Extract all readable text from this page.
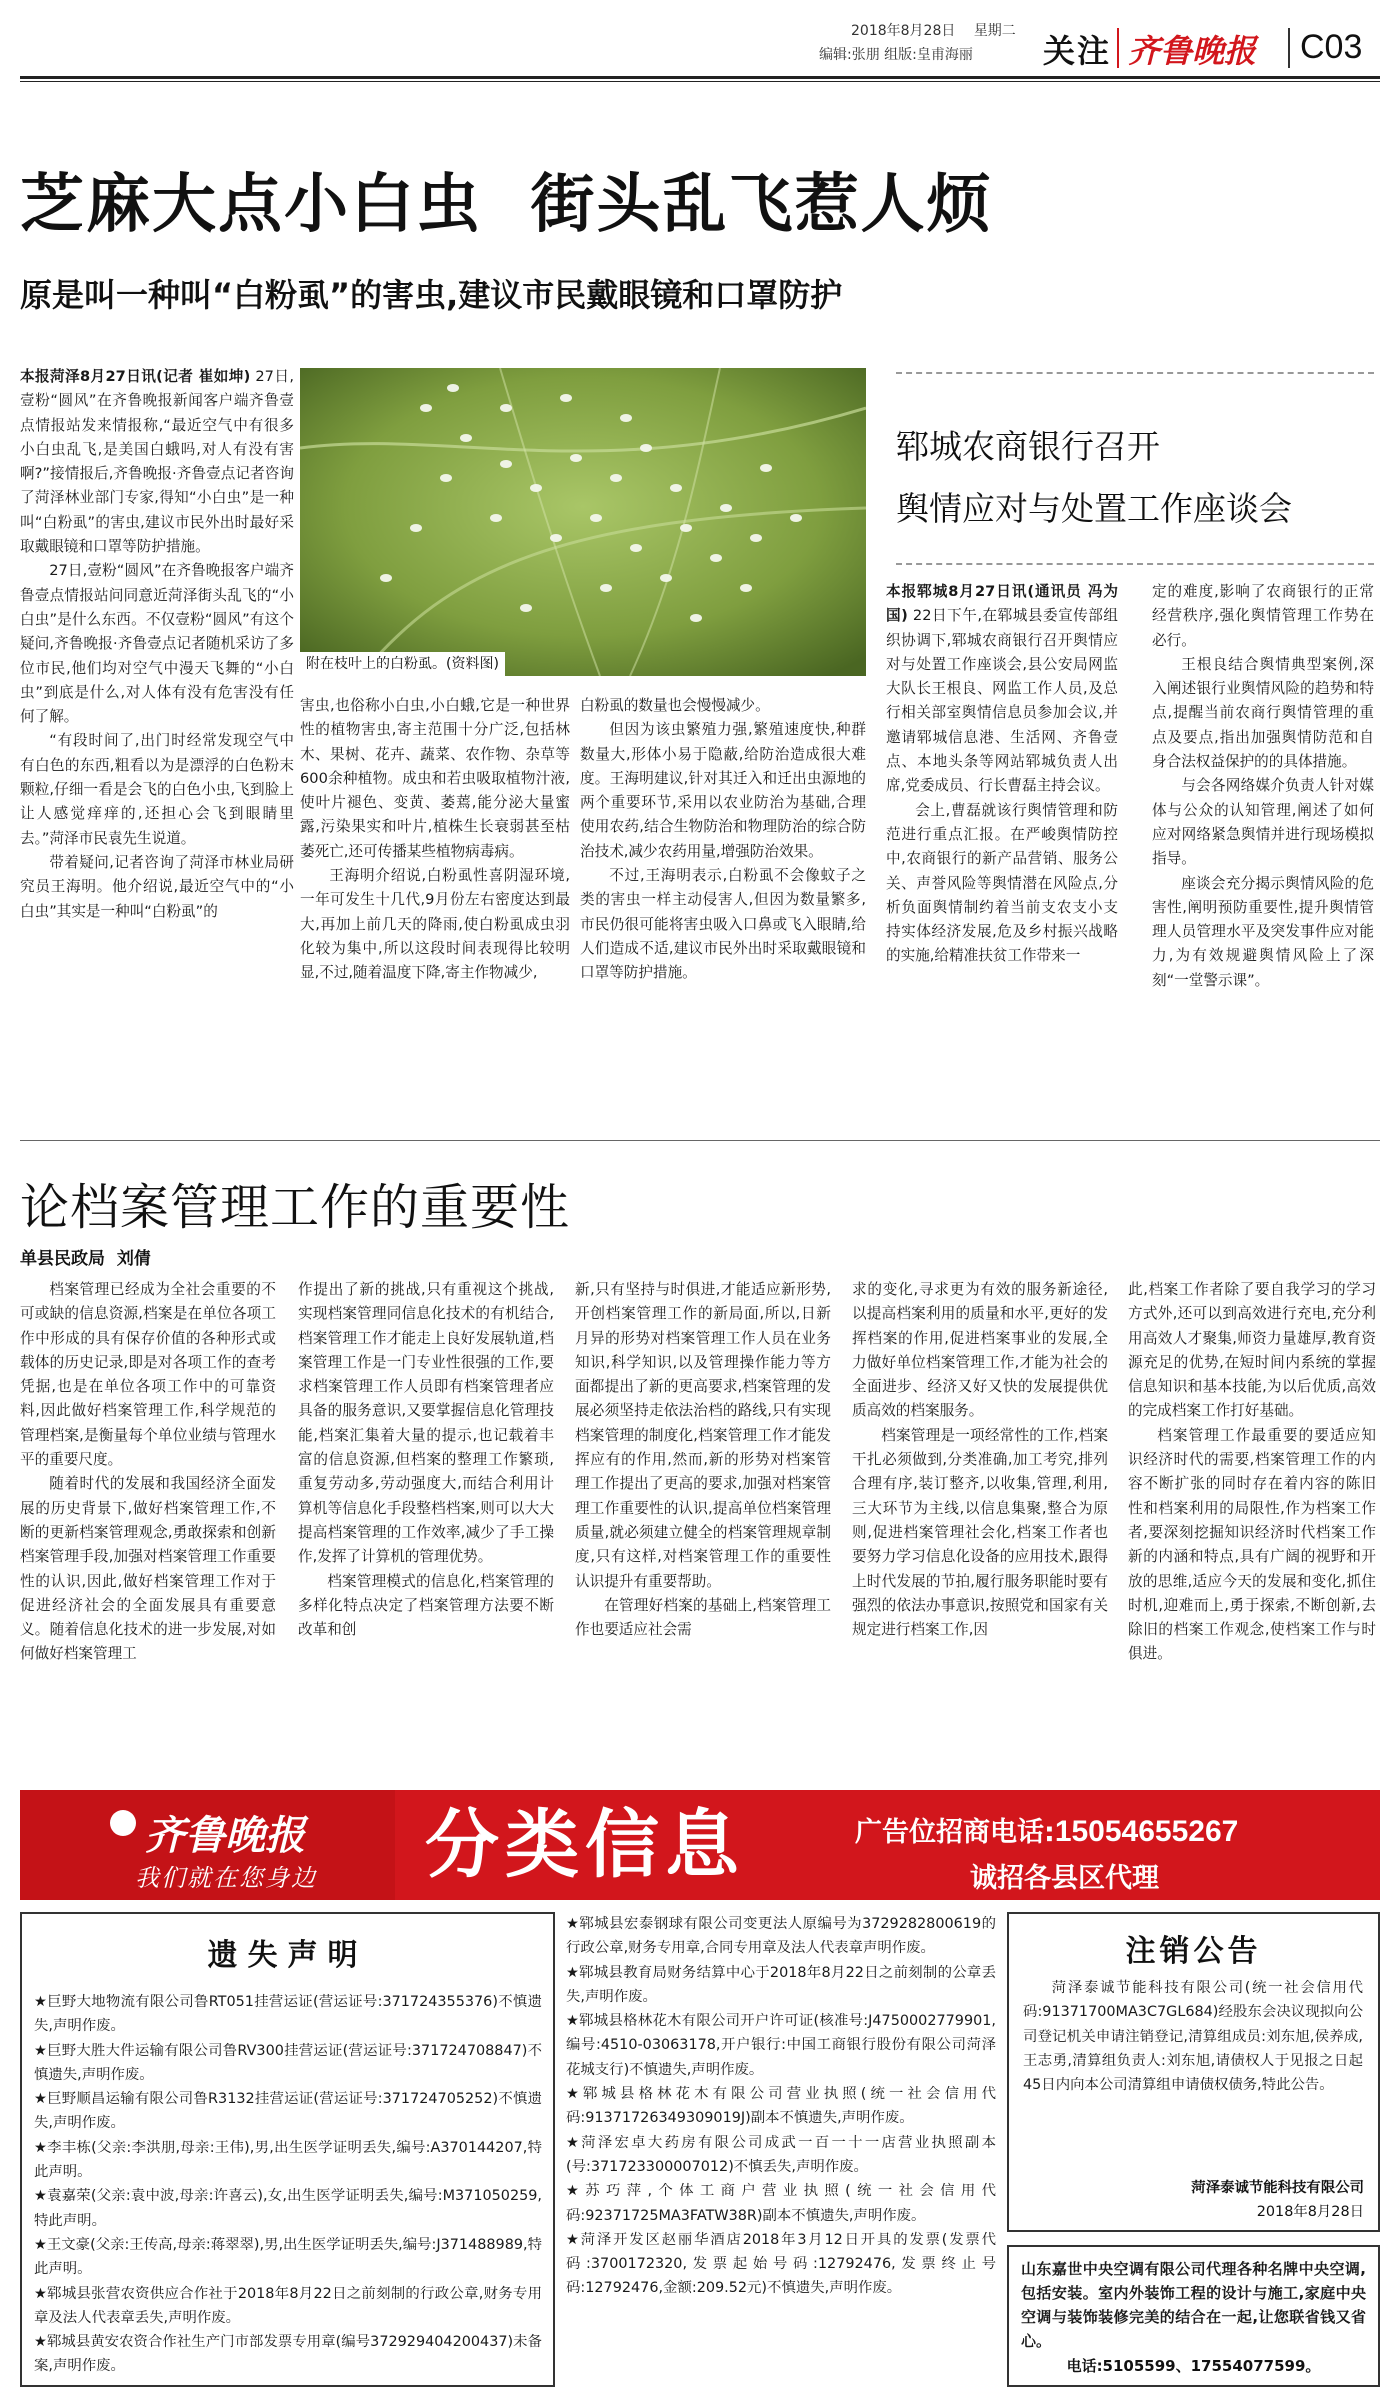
2018年8月28日 星期二
编辑:张朋 组版:皇甫海丽 关注 齐鲁晚报 C03
芝麻大点小白虫  街头乱飞惹人烦
原是叫一种叫“白粉虱”的害虫,建议市民戴眼镜和口罩防护

本报菏泽8月27日讯(记者 崔如坤) 27日,壹粉“圆风”在齐鲁晚报新闻客户端齐鲁壹点情报站发来情报称,“最近空气中有很多小白虫乱飞,是美国白蛾吗,对人有没有害啊?”接情报后,齐鲁晚报·齐鲁壹点记者咨询了菏泽林业部门专家,得知“小白虫”是一种叫“白粉虱”的害虫,建议市民外出时最好采取戴眼镜和口罩等防护措施。

27日,壹粉“圆风”在齐鲁晚报客户端齐鲁壹点情报站问同意近菏泽街头乱飞的“小白虫”是什么东西。不仅壹粉“圆风”有这个疑问,齐鲁晚报·齐鲁壹点记者随机采访了多位市民,他们均对空气中漫天飞舞的“小白虫”到底是什么,对人体有没有危害没有任何了解。

“有段时间了,出门时经常发现空气中有白色的东西,粗看以为是漂浮的白色粉末颗粒,仔细一看是会飞的白色小虫,飞到脸上让人感觉痒痒的,还担心会飞到眼睛里去。”菏泽市民袁先生说道。

带着疑问,记者咨询了菏泽市林业局研究员王海明。他介绍说,最近空气中的“小白虫”其实是一种叫“白粉虱”的

附在枝叶上的白粉虱。(资料图)

害虫,也俗称小白虫,小白蛾,它是一种世界性的植物害虫,寄主范围十分广泛,包括林木、果树、花卉、蔬菜、农作物、杂草等600余种植物。成虫和若虫吸取植物汁液,使叶片褪色、变黄、萎蔫,能分泌大量蜜露,污染果实和叶片,植株生长衰弱甚至枯萎死亡,还可传播某些植物病毒病。

王海明介绍说,白粉虱性喜阴湿环境,一年可发生十几代,9月份左右密度达到最大,再加上前几天的降雨,使白粉虱成虫羽化较为集中,所以这段时间表现得比较明显,不过,随着温度下降,寄主作物减少,

白粉虱的数量也会慢慢减少。

但因为该虫繁殖力强,繁殖速度快,种群数量大,形体小易于隐蔽,给防治造成很大难度。王海明建议,针对其迁入和迁出虫源地的两个重要环节,采用以农业防治为基础,合理使用农药,结合生物防治和物理防治的综合防治技术,减少农药用量,增强防治效果。

不过,王海明表示,白粉虱不会像蚊子之类的害虫一样主动侵害人,但因为数量繁多,市民仍很可能将害虫吸入口鼻或飞入眼睛,给人们造成不适,建议市民外出时采取戴眼镜和口罩等防护措施。

郓城农商银行召开
舆情应对与处置工作座谈会

本报郓城8月27日讯(通讯员 冯为国) 22日下午,在郓城县委宣传部组织协调下,郓城农商银行召开舆情应对与处置工作座谈会,县公安局网监大队长王根良、网监工作人员,及总行相关部室舆情信息员参加会议,并邀请郓城信息港、生活网、齐鲁壹点、本地头条等网站郓城负责人出席,党委成员、行长曹磊主持会议。

会上,曹磊就该行舆情管理和防范进行重点汇报。在严峻舆情防控中,农商银行的新产品营销、服务公关、声誉风险等舆情潜在风险点,分析负面舆情制约着当前支农支小支持实体经济发展,危及乡村振兴战略的实施,给精准扶贫工作带来一

定的难度,影响了农商银行的正常经营秩序,强化舆情管理工作势在必行。

王根良结合舆情典型案例,深入阐述银行业舆情风险的趋势和特点,提醒当前农商行舆情管理的重点及要点,指出加强舆情防范和自身合法权益保护的的具体措施。

与会各网络媒介负责人针对媒体与公众的认知管理,阐述了如何应对网络紧急舆情并进行现场模拟指导。

座谈会充分揭示舆情风险的危害性,阐明预防重要性,提升舆情管理人员管理水平及突发事件应对能力,为有效规避舆情风险上了深刻“一堂警示课”。

论档案管理工作的重要性
单县民政局  刘倩

档案管理已经成为全社会重要的不可或缺的信息资源,档案是在单位各项工作中形成的具有保存价值的各种形式或载体的历史记录,即是对各项工作的查考凭据,也是在单位各项工作中的可靠资料,因此做好档案管理工作,科学规范的管理档案,是衡量每个单位业绩与管理水平的重要尺度。

随着时代的发展和我国经济全面发展的历史背景下,做好档案管理工作,不断的更新档案管理观念,勇敢探索和创新档案管理手段,加强对档案管理工作重要性的认识,因此,做好档案管理工作对于促进经济社会的全面发展具有重要意义。随着信息化技术的进一步发展,对如何做好档案管理工

作提出了新的挑战,只有重视这个挑战,实现档案管理同信息化技术的有机结合,档案管理工作才能走上良好发展轨道,档案管理工作是一门专业性很强的工作,要求档案管理工作人员即有档案管理者应具备的服务意识,又要掌握信息化管理技能,档案汇集着大量的提示,也记载着丰富的信息资源,但档案的整理工作繁琐,重复劳动多,劳动强度大,而结合利用计算机等信息化手段整档档案,则可以大大提高档案管理的工作效率,减少了手工操作,发挥了计算机的管理优势。

档案管理模式的信息化,档案管理的多样化特点决定了档案管理方法要不断改革和创

新,只有坚持与时俱进,才能适应新形势,开创档案管理工作的新局面,所以,日新月异的形势对档案管理工作人员在业务知识,科学知识,以及管理操作能力等方面都提出了新的更高要求,档案管理的发展必须坚持走依法治档的路线,只有实现档案管理的制度化,档案管理工作才能发挥应有的作用,然而,新的形势对档案管理工作提出了更高的要求,加强对档案管理工作重要性的认识,提高单位档案管理质量,就必须建立健全的档案管理规章制度,只有这样,对档案管理工作的重要性认识提升有重要帮助。

在管理好档案的基础上,档案管理工作也要适应社会需

求的变化,寻求更为有效的服务新途径,以提高档案利用的质量和水平,更好的发挥档案的作用,促进档案事业的发展,全力做好单位档案管理工作,才能为社会的全面进步、经济又好又快的发展提供优质高效的档案服务。

档案管理是一项经常性的工作,档案干扎必须做到,分类准确,加工考究,排列合理有序,装订整齐,以收集,管理,利用,三大环节为主线,以信息集聚,整合为原则,促进档案管理社会化,档案工作者也要努力学习信息化设备的应用技术,跟得上时代发展的节拍,履行服务职能时要有强烈的依法办事意识,按照党和国家有关规定进行档案工作,因

此,档案工作者除了要自我学习的学习方式外,还可以到高效进行充电,充分利用高效人才聚集,师资力量雄厚,教育资源充足的优势,在短时间内系统的掌握信息知识和基本技能,为以后优质,高效的完成档案工作打好基础。

档案管理工作最重要的要适应知识经济时代的需要,档案管理工作的内容不断扩张的同时存在着内容的陈旧性和档案利用的局限性,作为档案工作者,要深刻挖掘知识经济时代档案工作新的内涵和特点,具有广阔的视野和开放的思维,适应今天的发展和变化,抓住时机,迎难而上,勇于探索,不断创新,去除旧的档案工作观念,使档案工作与时俱进。

齐鲁晚报
我们就在您身边 分类信息	广告位招商电话:15054655267
诚招各县区代理
遗失声明

★巨野大地物流有限公司鲁RT051挂营运证(营运证号:371724355376)不慎遗失,声明作废。

★巨野大胜大件运输有限公司鲁RV300挂营运证(营运证号:371724708847)不慎遗失,声明作废。

★巨野顺昌运输有限公司鲁R3132挂营运证(营运证号:371724705252)不慎遗失,声明作废。

★李丰栋(父亲:李洪朋,母亲:王伟),男,出生医学证明丢失,编号:A370144207,特此声明。

★袁嘉荣(父亲:袁中波,母亲:许喜云),女,出生医学证明丢失,编号:M371050259,特此声明。

★王文豪(父亲:王传高,母亲:蒋翠翠),男,出生医学证明丢失,编号:J371488989,特此声明。

★郓城县张营农资供应合作社于2018年8月22日之前刻制的行政公章,财务专用章及法人代表章丢失,声明作废。

★郓城县黄安农资合作社生产门市部发票专用章(编号372929404200437)未备案,声明作废。

★郓城县宏泰钢球有限公司变更法人原编号为3729282800619的行政公章,财务专用章,合同专用章及法人代表章声明作废。

★郓城县教育局财务结算中心于2018年8月22日之前刻制的公章丢失,声明作废。

★郓城县格林花木有限公司开户许可证(核准号:J4750002779901,编号:4510-03063178,开户银行:中国工商银行股份有限公司菏泽花城支行)不慎遗失,声明作废。

★郓城县格林花木有限公司营业执照(统一社会信用代码:91371726349309019J)副本不慎遗失,声明作废。

★菏泽宏卓大药房有限公司成武一百一十一店营业执照副本(号:371723300007012)不慎丢失,声明作废。

★苏巧萍,个体工商户营业执照(统一社会信用代码:92371725MA3FATW38R)副本不慎遗失,声明作废。

★菏泽开发区赵丽华酒店2018年3月12日开具的发票(发票代码:3700172320,发票起始号码:12792476,发票终止号码:12792476,金额:209.52元)不慎遗失,声明作废。

注销公告
菏泽泰诚节能科技有限公司(统一社会信用代码:91371700MA3C7GL684)经股东会决议现拟向公司登记机关申请注销登记,清算组成员:刘东旭,侯养成,王志勇,清算组负责人:刘东旭,请债权人于见报之日起45日内向本公司清算组申请债权债务,特此公告。
菏泽泰诚节能科技有限公司
2018年8月28日
山东嘉世中央空调有限公司代理各种名牌中央空调,包括安装。室内外装饰工程的设计与施工,家庭中央空调与装饰装修完美的结合在一起,让您联省钱又省心。
电话:5105599、17554077599。
